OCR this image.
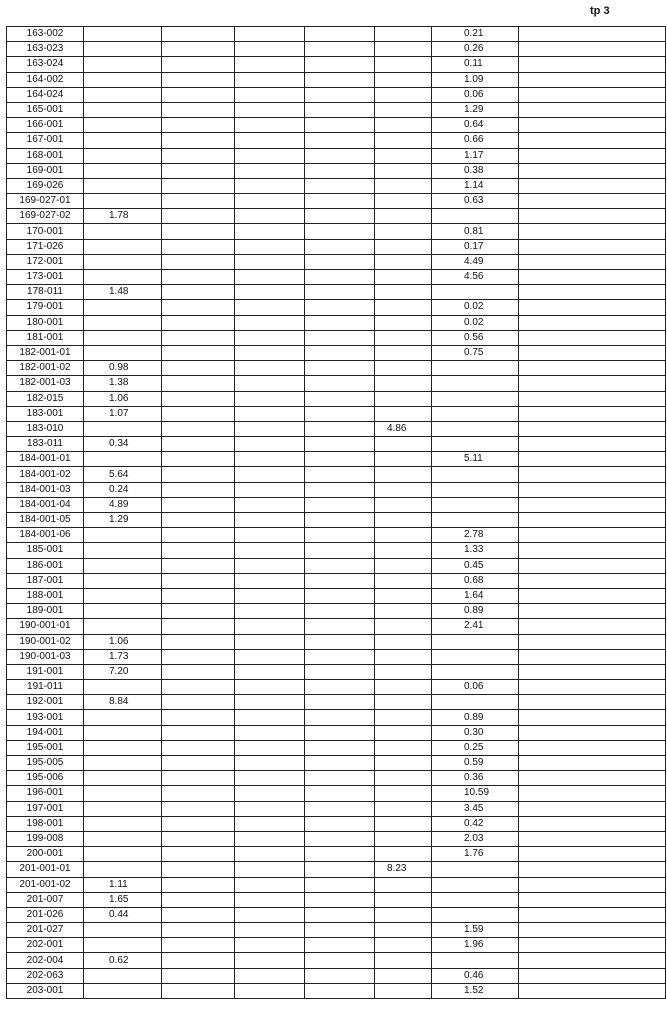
tp 3
163-002						0.21	
163-023						0.26	
163-024						0.11	
164-002						1.09	
164-024						0.06	
165-001						1.29	
166-001						0.64	
167-001						0.66	
168-001						1.17	
169-001						0.38	
169-026						1.14	
169-027-01						0.63	
169-027-02	1.78						
170-001						0.81	
171-026						0.17	
172-001						4.49	
173-001						4.56	
178-011	1.48						
179-001						0.02	
180-001						0.02	
181-001						0.56	
182-001-01						0.75	
182-001-02	0.98						
182-001-03	1.38						
182-015	1.06						
183-001	1.07						
183-010					4.86		
183-011	0.34						
184-001-01						5.11	
184-001-02	5.64						
184-001-03	0.24						
184-001-04	4.89						
184-001-05	1.29						
184-001-06						2.78	
185-001						1.33	
186-001						0.45	
187-001						0.68	
188-001						1.64	
189-001						0.89	
190-001-01						2.41	
190-001-02	1.06						
190-001-03	1.73						
191-001	7.20						
191-011						0.06	
192-001	8.84						
193-001						0.89	
194-001						0.30	
195-001						0.25	
195-005						0.59	
195-006						0.36	
196-001						10.59	
197-001						3.45	
198-001						0.42	
199-008						2.03	
200-001						1.76	
201-001-01					8.23		
201-001-02	1.11						
201-007	1.65						
201-026	0.44						
201-027						1.59	
202-001						1.96	
202-004	0.62						
202-063						0.46	
203-001						1.52	
